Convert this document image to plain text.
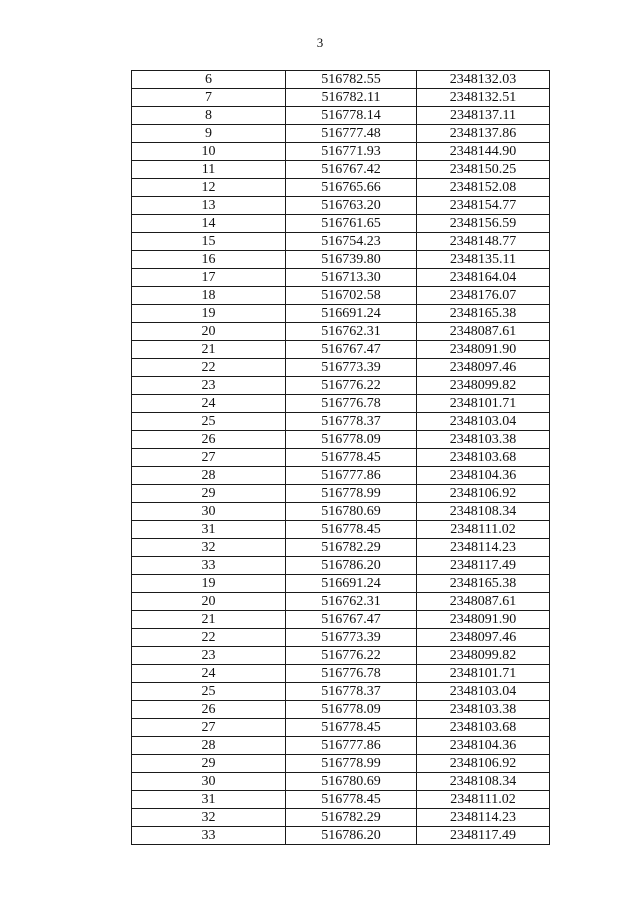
3
6	516782.55	2348132.03
7	516782.11	2348132.51
8	516778.14	2348137.11
9	516777.48	2348137.86
10	516771.93	2348144.90
11	516767.42	2348150.25
12	516765.66	2348152.08
13	516763.20	2348154.77
14	516761.65	2348156.59
15	516754.23	2348148.77
16	516739.80	2348135.11
17	516713.30	2348164.04
18	516702.58	2348176.07
19	516691.24	2348165.38
20	516762.31	2348087.61
21	516767.47	2348091.90
22	516773.39	2348097.46
23	516776.22	2348099.82
24	516776.78	2348101.71
25	516778.37	2348103.04
26	516778.09	2348103.38
27	516778.45	2348103.68
28	516777.86	2348104.36
29	516778.99	2348106.92
30	516780.69	2348108.34
31	516778.45	2348111.02
32	516782.29	2348114.23
33	516786.20	2348117.49
19	516691.24	2348165.38
20	516762.31	2348087.61
21	516767.47	2348091.90
22	516773.39	2348097.46
23	516776.22	2348099.82
24	516776.78	2348101.71
25	516778.37	2348103.04
26	516778.09	2348103.38
27	516778.45	2348103.68
28	516777.86	2348104.36
29	516778.99	2348106.92
30	516780.69	2348108.34
31	516778.45	2348111.02
32	516782.29	2348114.23
33	516786.20	2348117.49
